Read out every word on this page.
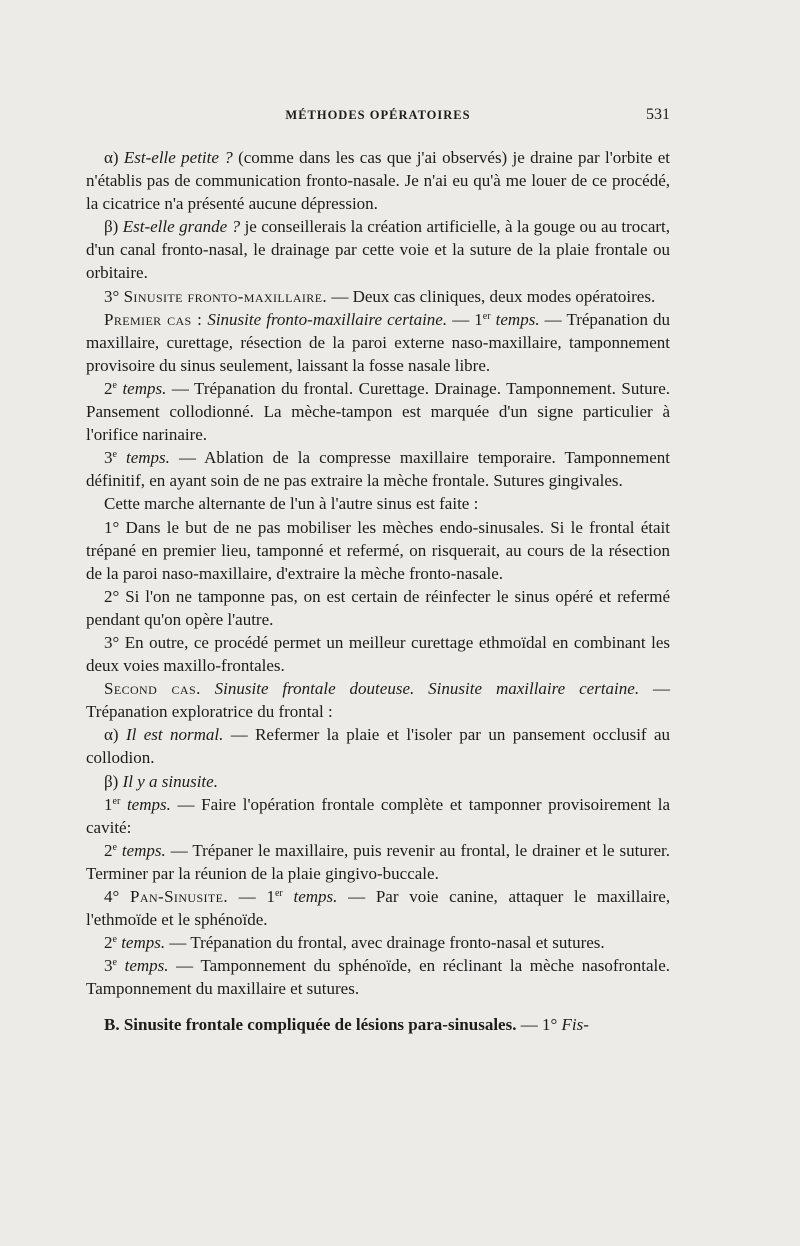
MÉTHODES OPÉRATOIRES	531

α) Est-elle petite ? (comme dans les cas que j'ai observés) je draine par l'orbite et n'établis pas de communication fronto-nasale. Je n'ai eu qu'à me louer de ce procédé, la cicatrice n'a présenté aucune dépression.

β) Est-elle grande ? je conseillerais la création artificielle, à la gouge ou au trocart, d'un canal fronto-nasal, le drainage par cette voie et la suture de la plaie frontale ou orbitaire.

3° Sinusite fronto-maxillaire. — Deux cas cliniques, deux modes opératoires.

Premier cas : Sinusite fronto-maxillaire certaine. — 1er temps. — Trépanation du maxillaire, curettage, résection de la paroi externe naso-maxillaire, tamponnement provisoire du sinus seulement, laissant la fosse nasale libre.

2e temps. — Trépanation du frontal. Curettage. Drainage. Tamponnement. Suture. Pansement collodionné. La mèche-tampon est marquée d'un signe particulier à l'orifice narinaire.

3e temps. — Ablation de la compresse maxillaire temporaire. Tamponnement définitif, en ayant soin de ne pas extraire la mèche frontale. Sutures gingivales.

Cette marche alternante de l'un à l'autre sinus est faite :

1° Dans le but de ne pas mobiliser les mèches endo-sinusales. Si le frontal était trépané en premier lieu, tamponné et refermé, on risquerait, au cours de la résection de la paroi naso-maxillaire, d'extraire la mèche fronto-nasale.

2° Si l'on ne tamponne pas, on est certain de réinfecter le sinus opéré et refermé pendant qu'on opère l'autre.

3° En outre, ce procédé permet un meilleur curettage ethmoïdal en combinant les deux voies maxillo-frontales.

Second cas. Sinusite frontale douteuse. Sinusite maxillaire certaine. — Trépanation exploratrice du frontal :

α) Il est normal. — Refermer la plaie et l'isoler par un pansement occlusif au collodion.

β) Il y a sinusite.

1er temps. — Faire l'opération frontale complète et tamponner provisoirement la cavité:

2e temps. — Trépaner le maxillaire, puis revenir au frontal, le drainer et le suturer. Terminer par la réunion de la plaie gingivo-buccale.

4° Pan-Sinusite. — 1er temps. — Par voie canine, attaquer le maxillaire, l'ethmoïde et le sphénoïde.

2e temps. — Trépanation du frontal, avec drainage fronto-nasal et sutures.

3e temps. — Tamponnement du sphénoïde, en réclinant la mèche nasofrontale. Tamponnement du maxillaire et sutures.

B. Sinusite frontale compliquée de lésions para-sinusales. — 1° Fis-
